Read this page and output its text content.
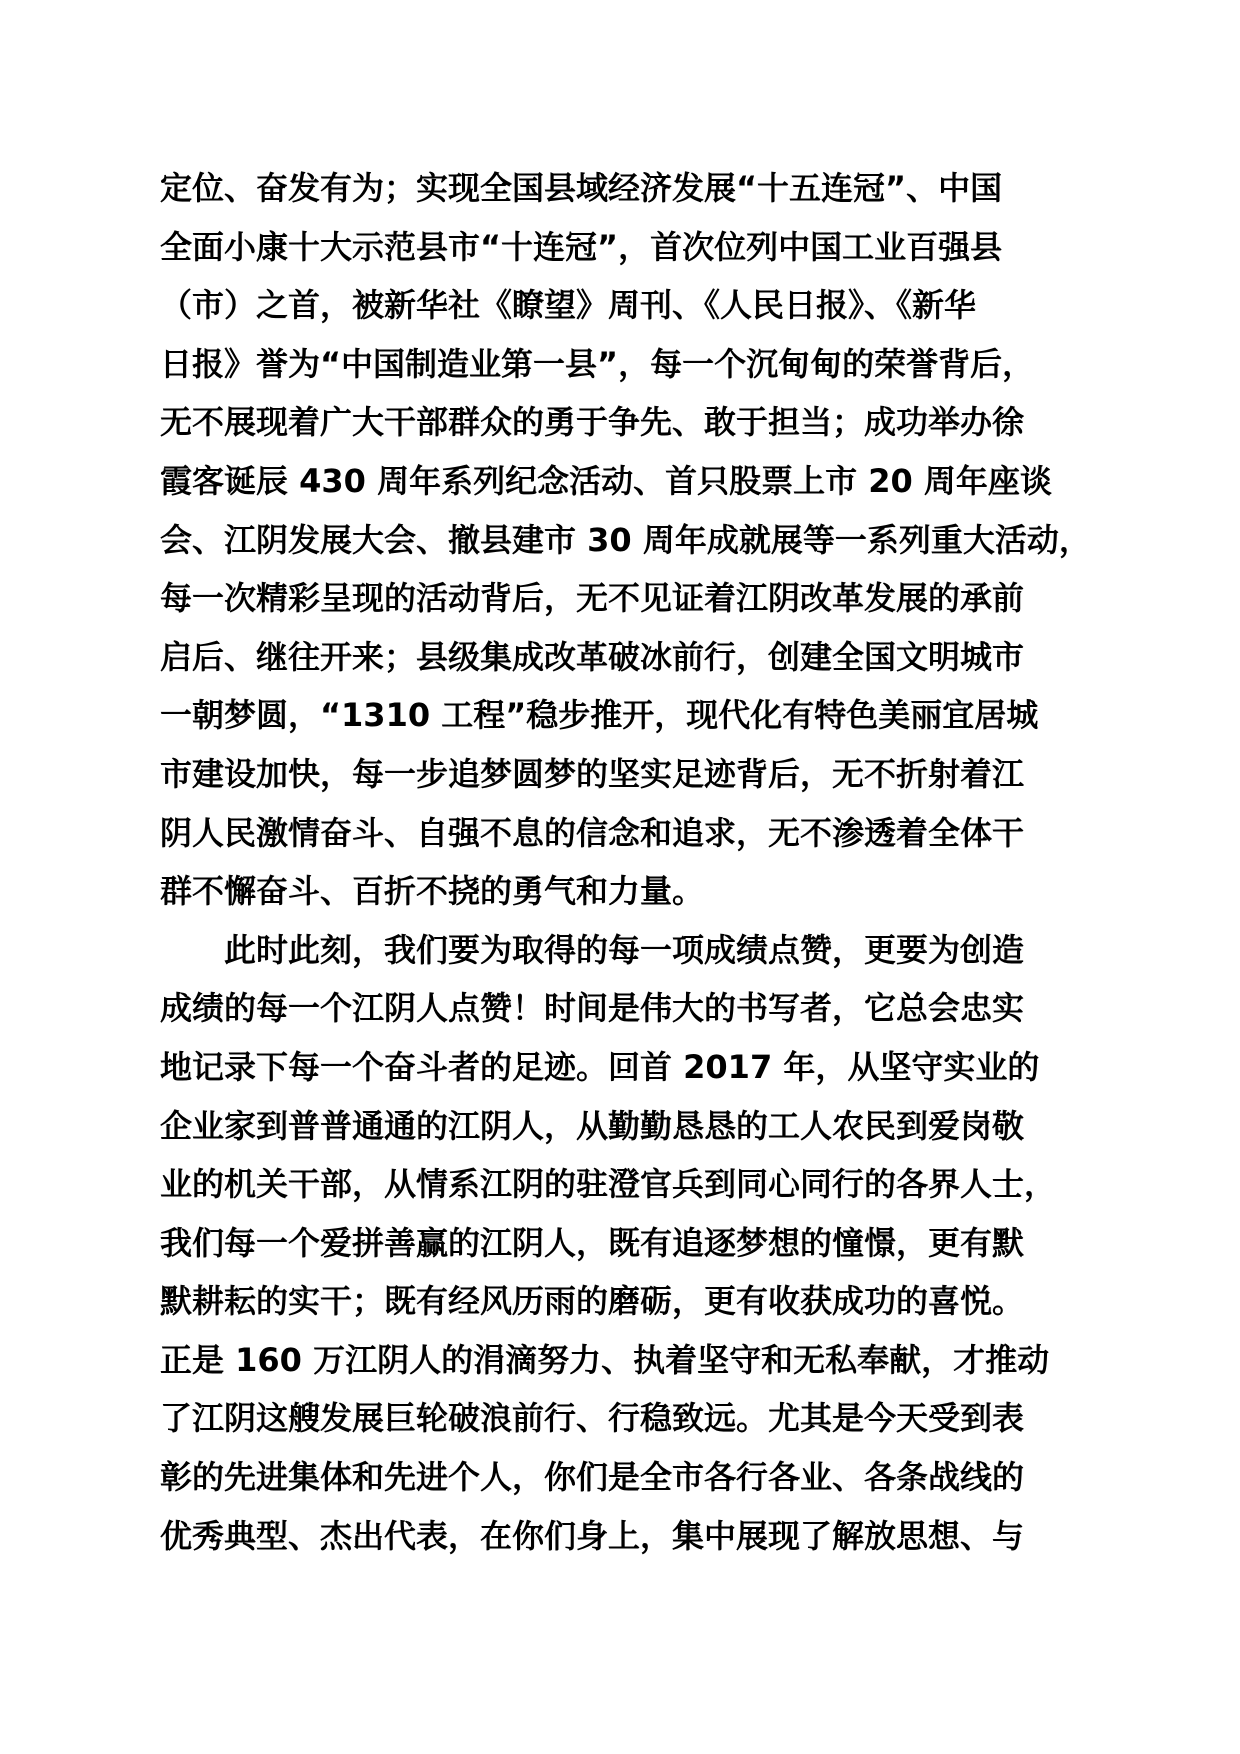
定位、奋发有为；实现全国县域经济发展“十五连冠”、中国
全面小康十大示范县市“十连冠”，首次位列中国工业百强县
（市）之首，被新华社《瞭望》周刊、《人民日报》、《新华
日报》誉为“中国制造业第一县”，每一个沉甸甸的荣誉背后，
无不展现着广大干部群众的勇于争先、敢于担当；成功举办徐
霞客诞辰 430 周年系列纪念活动、首只股票上市 20 周年座谈
会、江阴发展大会、撤县建市 30 周年成就展等一系列重大活动，
每一次精彩呈现的活动背后，无不见证着江阴改革发展的承前
启后、继往开来；县级集成改革破冰前行，创建全国文明城市
一朝梦圆，“1310 工程”稳步推开，现代化有特色美丽宜居城
市建设加快，每一步追梦圆梦的坚实足迹背后，无不折射着江
阴人民激情奋斗、自强不息的信念和追求，无不渗透着全体干
群不懈奋斗、百折不挠的勇气和力量。
　　此时此刻，我们要为取得的每一项成绩点赞，更要为创造
成绩的每一个江阴人点赞！时间是伟大的书写者，它总会忠实
地记录下每一个奋斗者的足迹。回首 2017 年，从坚守实业的
企业家到普普通通的江阴人，从勤勤恳恳的工人农民到爱岗敬
业的机关干部，从情系江阴的驻澄官兵到同心同行的各界人士，
我们每一个爱拼善赢的江阴人，既有追逐梦想的憧憬，更有默
默耕耘的实干；既有经风历雨的磨砺，更有收获成功的喜悦。
正是 160 万江阴人的涓滴努力、执着坚守和无私奉献，才推动
了江阴这艘发展巨轮破浪前行、行稳致远。尤其是今天受到表
彰的先进集体和先进个人，你们是全市各行各业、各条战线的
优秀典型、杰出代表，在你们身上，集中展现了解放思想、与
